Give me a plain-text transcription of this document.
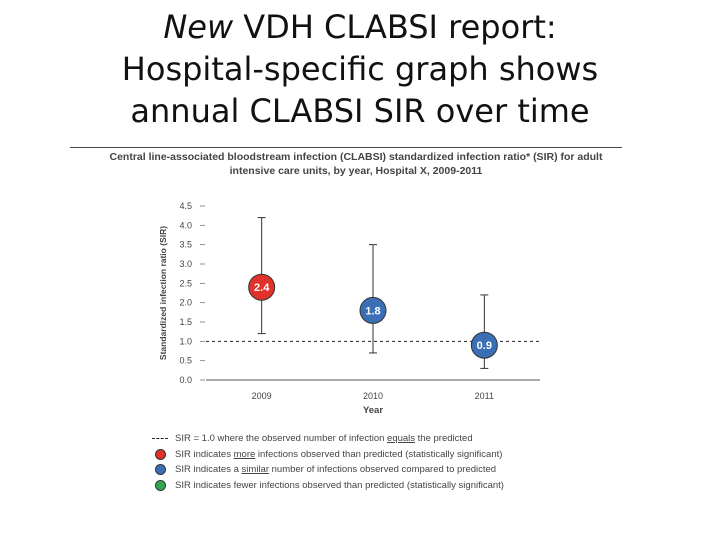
New VDH CLABSI report:
Hospital-specific graph shows
annual CLABSI SIR over time
Central line-associated bloodstream infection (CLABSI) standardized infection ratio* (SIR) for adult
intensive care units, by year, Hospital X, 2009-2011
0.0
0.5
1.0
1.5
2.0
2.5
3.0
3.5
4.0
4.5
2009	2010	2011
Year
Standardized infection ratio (SIR)	2.4
1.8
0.9
SIR = 1.0 where the observed number of infection equals the predicted
SIR indicates more infections observed than predicted (statistically significant)
SIR indicates a similar number of infections observed compared to predicted
SIR indicates fewer infections observed than predicted (statistically significant)
